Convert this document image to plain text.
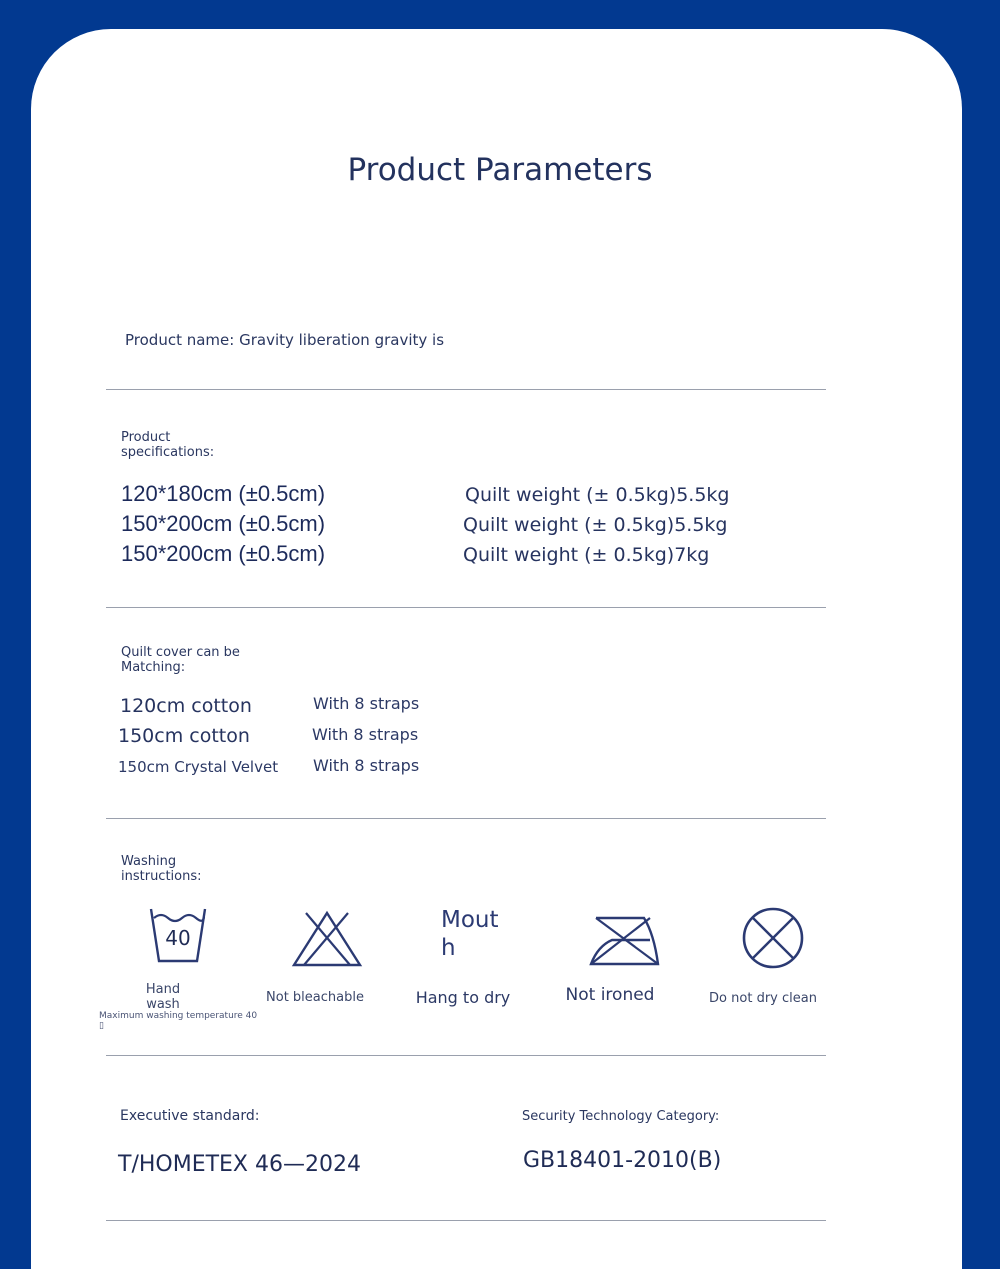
Product Parameters
Product name: Gravity liberation gravity is
Product
specifications:
120*180cm (±0.5cm)
150*200cm (±0.5cm)
150*200cm (±0.5cm)
Quilt weight (± 0.5kg)5.5kg
Quilt weight (± 0.5kg)5.5kg
Quilt weight (± 0.5kg)7kg
Quilt cover can be
Matching:
120cm cotton
150cm cotton
150cm Crystal Velvet
With 8 straps
With 8 straps
With 8 straps
Washing
instructions:
40
Hand
wash
Maximum washing temperature 40
▯
Not bleachable
Mout
h
Hang to dry	Not ironed	Do not dry clean
Executive standard:
T/HOMETEX 46—2024
Security Technology Category:
GB18401-2010(B)
